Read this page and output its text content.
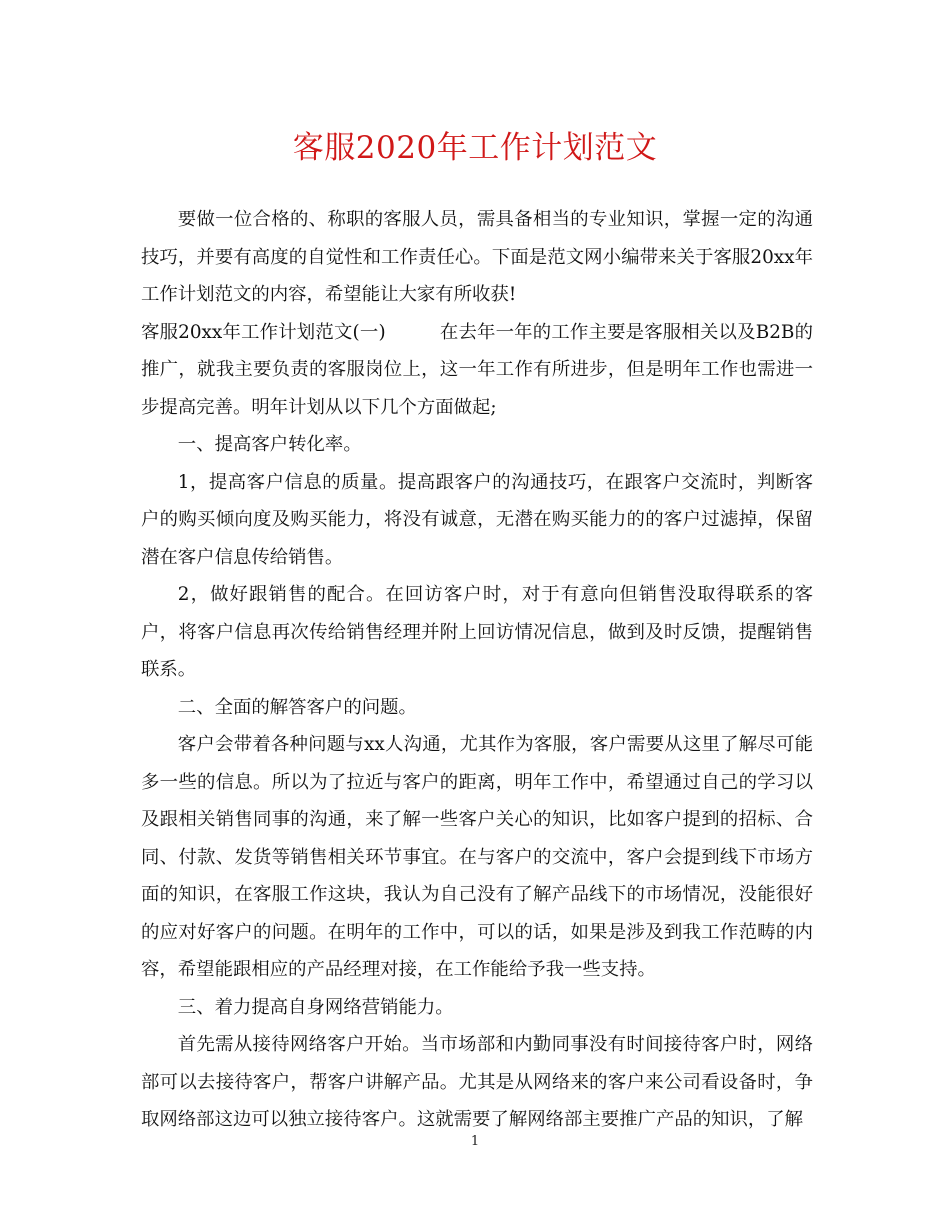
客服2020年工作计划范文

要做一位合格的、称职的客服人员，需具备相当的专业知识，掌握一定的沟通技巧，并要有高度的自觉性和工作责任心。下面是范文网小编带来关于客服20xx年工作计划范文的内容，希望能让大家有所收获!

客服20xx年工作计划范文(一)	在去年一年的工作主要是客服相关以及B2B的推广，就我主要负责的客服岗位上，这一年工作有所进步，但是明年工作也需进一步提高完善。明年计划从以下几个方面做起;

一、提高客户转化率。

1，提高客户信息的质量。提高跟客户的沟通技巧，在跟客户交流时，判断客户的购买倾向度及购买能力，将没有诚意，无潜在购买能力的的客户过滤掉，保留潜在客户信息传给销售。

2，做好跟销售的配合。在回访客户时，对于有意向但销售没取得联系的客户，将客户信息再次传给销售经理并附上回访情况信息，做到及时反馈，提醒销售联系。

二、全面的解答客户的问题。

客户会带着各种问题与xx人沟通，尤其作为客服，客户需要从这里了解尽可能多一些的信息。所以为了拉近与客户的距离，明年工作中，希望通过自己的学习以及跟相关销售同事的沟通，来了解一些客户关心的知识，比如客户提到的招标、合同、付款、发货等销售相关环节事宜。在与客户的交流中，客户会提到线下市场方面的知识，在客服工作这块，我认为自己没有了解产品线下的市场情况，没能很好的应对好客户的问题。在明年的工作中，可以的话，如果是涉及到我工作范畴的内容，希望能跟相应的产品经理对接，在工作能给予我一些支持。

三、着力提高自身网络营销能力。

首先需从接待网络客户开始。当市场部和内勤同事没有时间接待客户时，网络部可以去接待客户，帮客户讲解产品。尤其是从网络来的客户来公司看设备时，争取网络部这边可以独立接待客户。这就需要了解网络部主要推广产品的知识，了解

1
